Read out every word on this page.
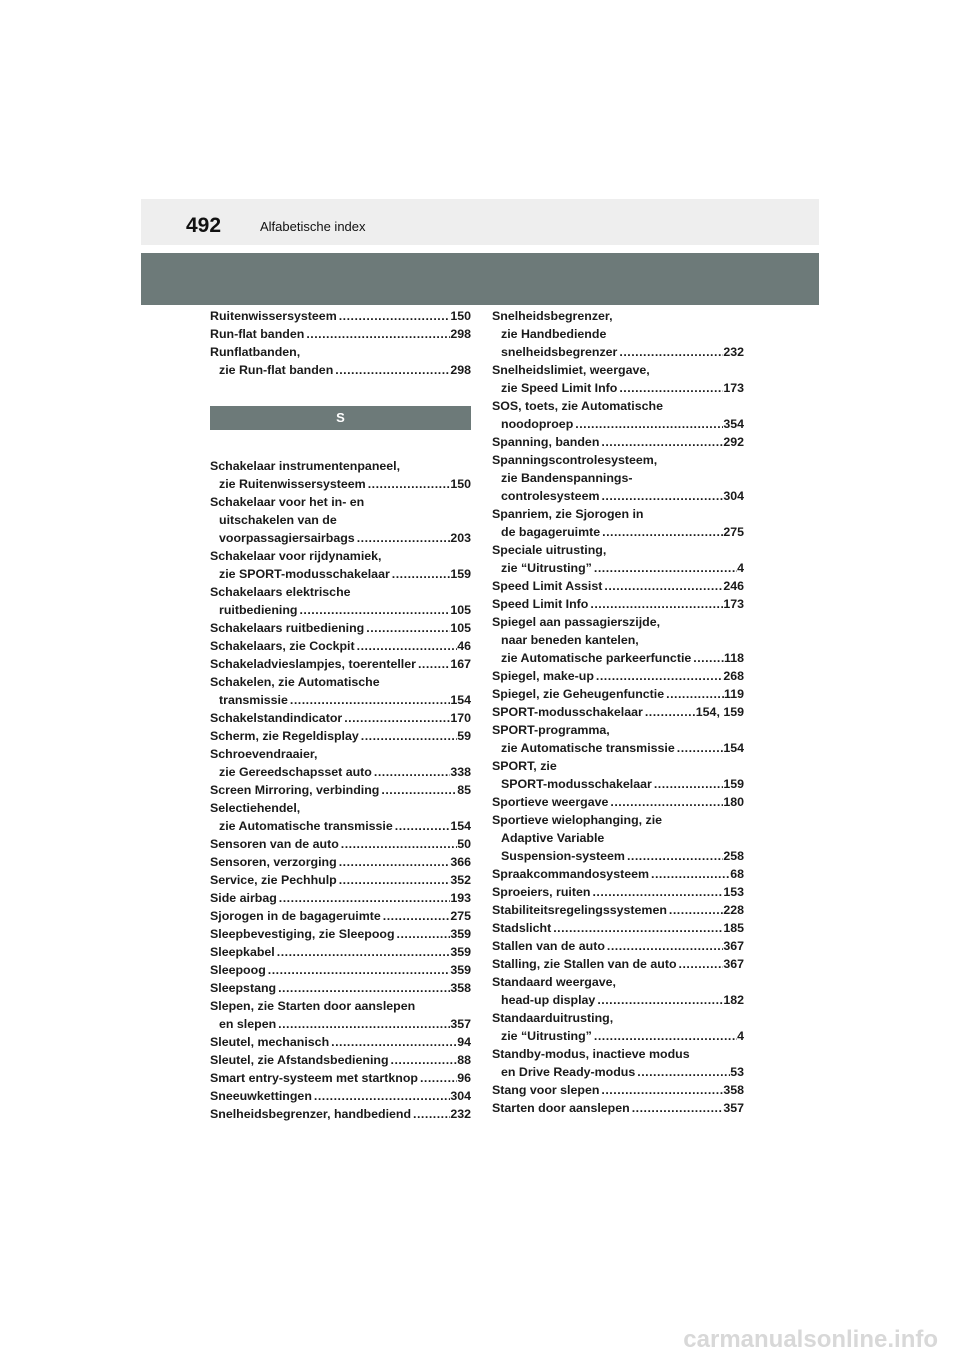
492	Alfabetische index
Ruitenwissersysteem .....	150
Run-flat banden .....	298
Runflatbanden,
zie Run-flat banden .....	298
S
Schakelaar instrumentenpaneel,
zie Ruitenwissersysteem .....	150
Schakelaar voor het in- en
uitschakelen van de
voorpassagiersairbags .....	203
Schakelaar voor rijdynamiek,
zie SPORT-modusschakelaar .....	159
Schakelaars elektrische
ruitbediening .....	105
Schakelaars ruitbediening .....	105
Schakelaars, zie Cockpit .....	46
Schakeladvieslampjes, toerenteller .....	167
Schakelen, zie Automatische
transmissie .....	154
Schakelstandindicator .....	170
Scherm, zie Regeldisplay .....	59
Schroevendraaier,
zie Gereedschapsset auto .....	338
Screen Mirroring, verbinding .....	85
Selectiehendel,
zie Automatische transmissie .....	154
Sensoren van de auto .....	50
Sensoren, verzorging .....	366
Service, zie Pechhulp .....	352
Side airbag .....	193
Sjorogen in de bagageruimte .....	275
Sleepbevestiging, zie Sleepoog .....	359
Sleepkabel .....	359
Sleepoog .....	359
Sleepstang .....	358
Slepen, zie Starten door aanslepen
en slepen .....	357
Sleutel, mechanisch .....	94
Sleutel, zie Afstandsbediening .....	88
Smart entry-systeem met startknop .....	96
Sneeuwkettingen .....	304
Snelheidsbegrenzer, handbediend .....	232
Snelheidsbegrenzer,
zie Handbediende
snelheidsbegrenzer .....	232
Snelheidslimiet, weergave,
zie Speed Limit Info .....	173
SOS, toets, zie Automatische
noodoproep .....	354
Spanning, banden .....	292
Spanningscontrolesysteem,
zie Bandenspannings-
controlesysteem .....	304
Spanriem, zie Sjorogen in
de bagageruimte .....	275
Speciale uitrusting,
zie “Uitrusting” .....	4
Speed Limit Assist .....	246
Speed Limit Info .....	173
Spiegel aan passagierszijde,
naar beneden kantelen,
zie Automatische parkeerfunctie .....	118
Spiegel, make-up .....	268
Spiegel, zie Geheugenfunctie .....	119
SPORT-modusschakelaar .....	154, 159
SPORT-programma,
zie Automatische transmissie .....	154
SPORT, zie
SPORT-modusschakelaar .....	159
Sportieve weergave .....	180
Sportieve wielophanging, zie
Adaptive Variable
Suspension-systeem .....	258
Spraakcommandosysteem .....	68
Sproeiers, ruiten .....	153
Stabiliteitsregelingssystemen .....	228
Stadslicht .....	185
Stallen van de auto .....	367
Stalling, zie Stallen van de auto .....	367
Standaard weergave,
head-up display .....	182
Standaarduitrusting,
zie “Uitrusting” .....	4
Standby-modus, inactieve modus
en Drive Ready-modus .....	53
Stang voor slepen .....	358
Starten door aanslepen .....	357
carmanualsonline.info
